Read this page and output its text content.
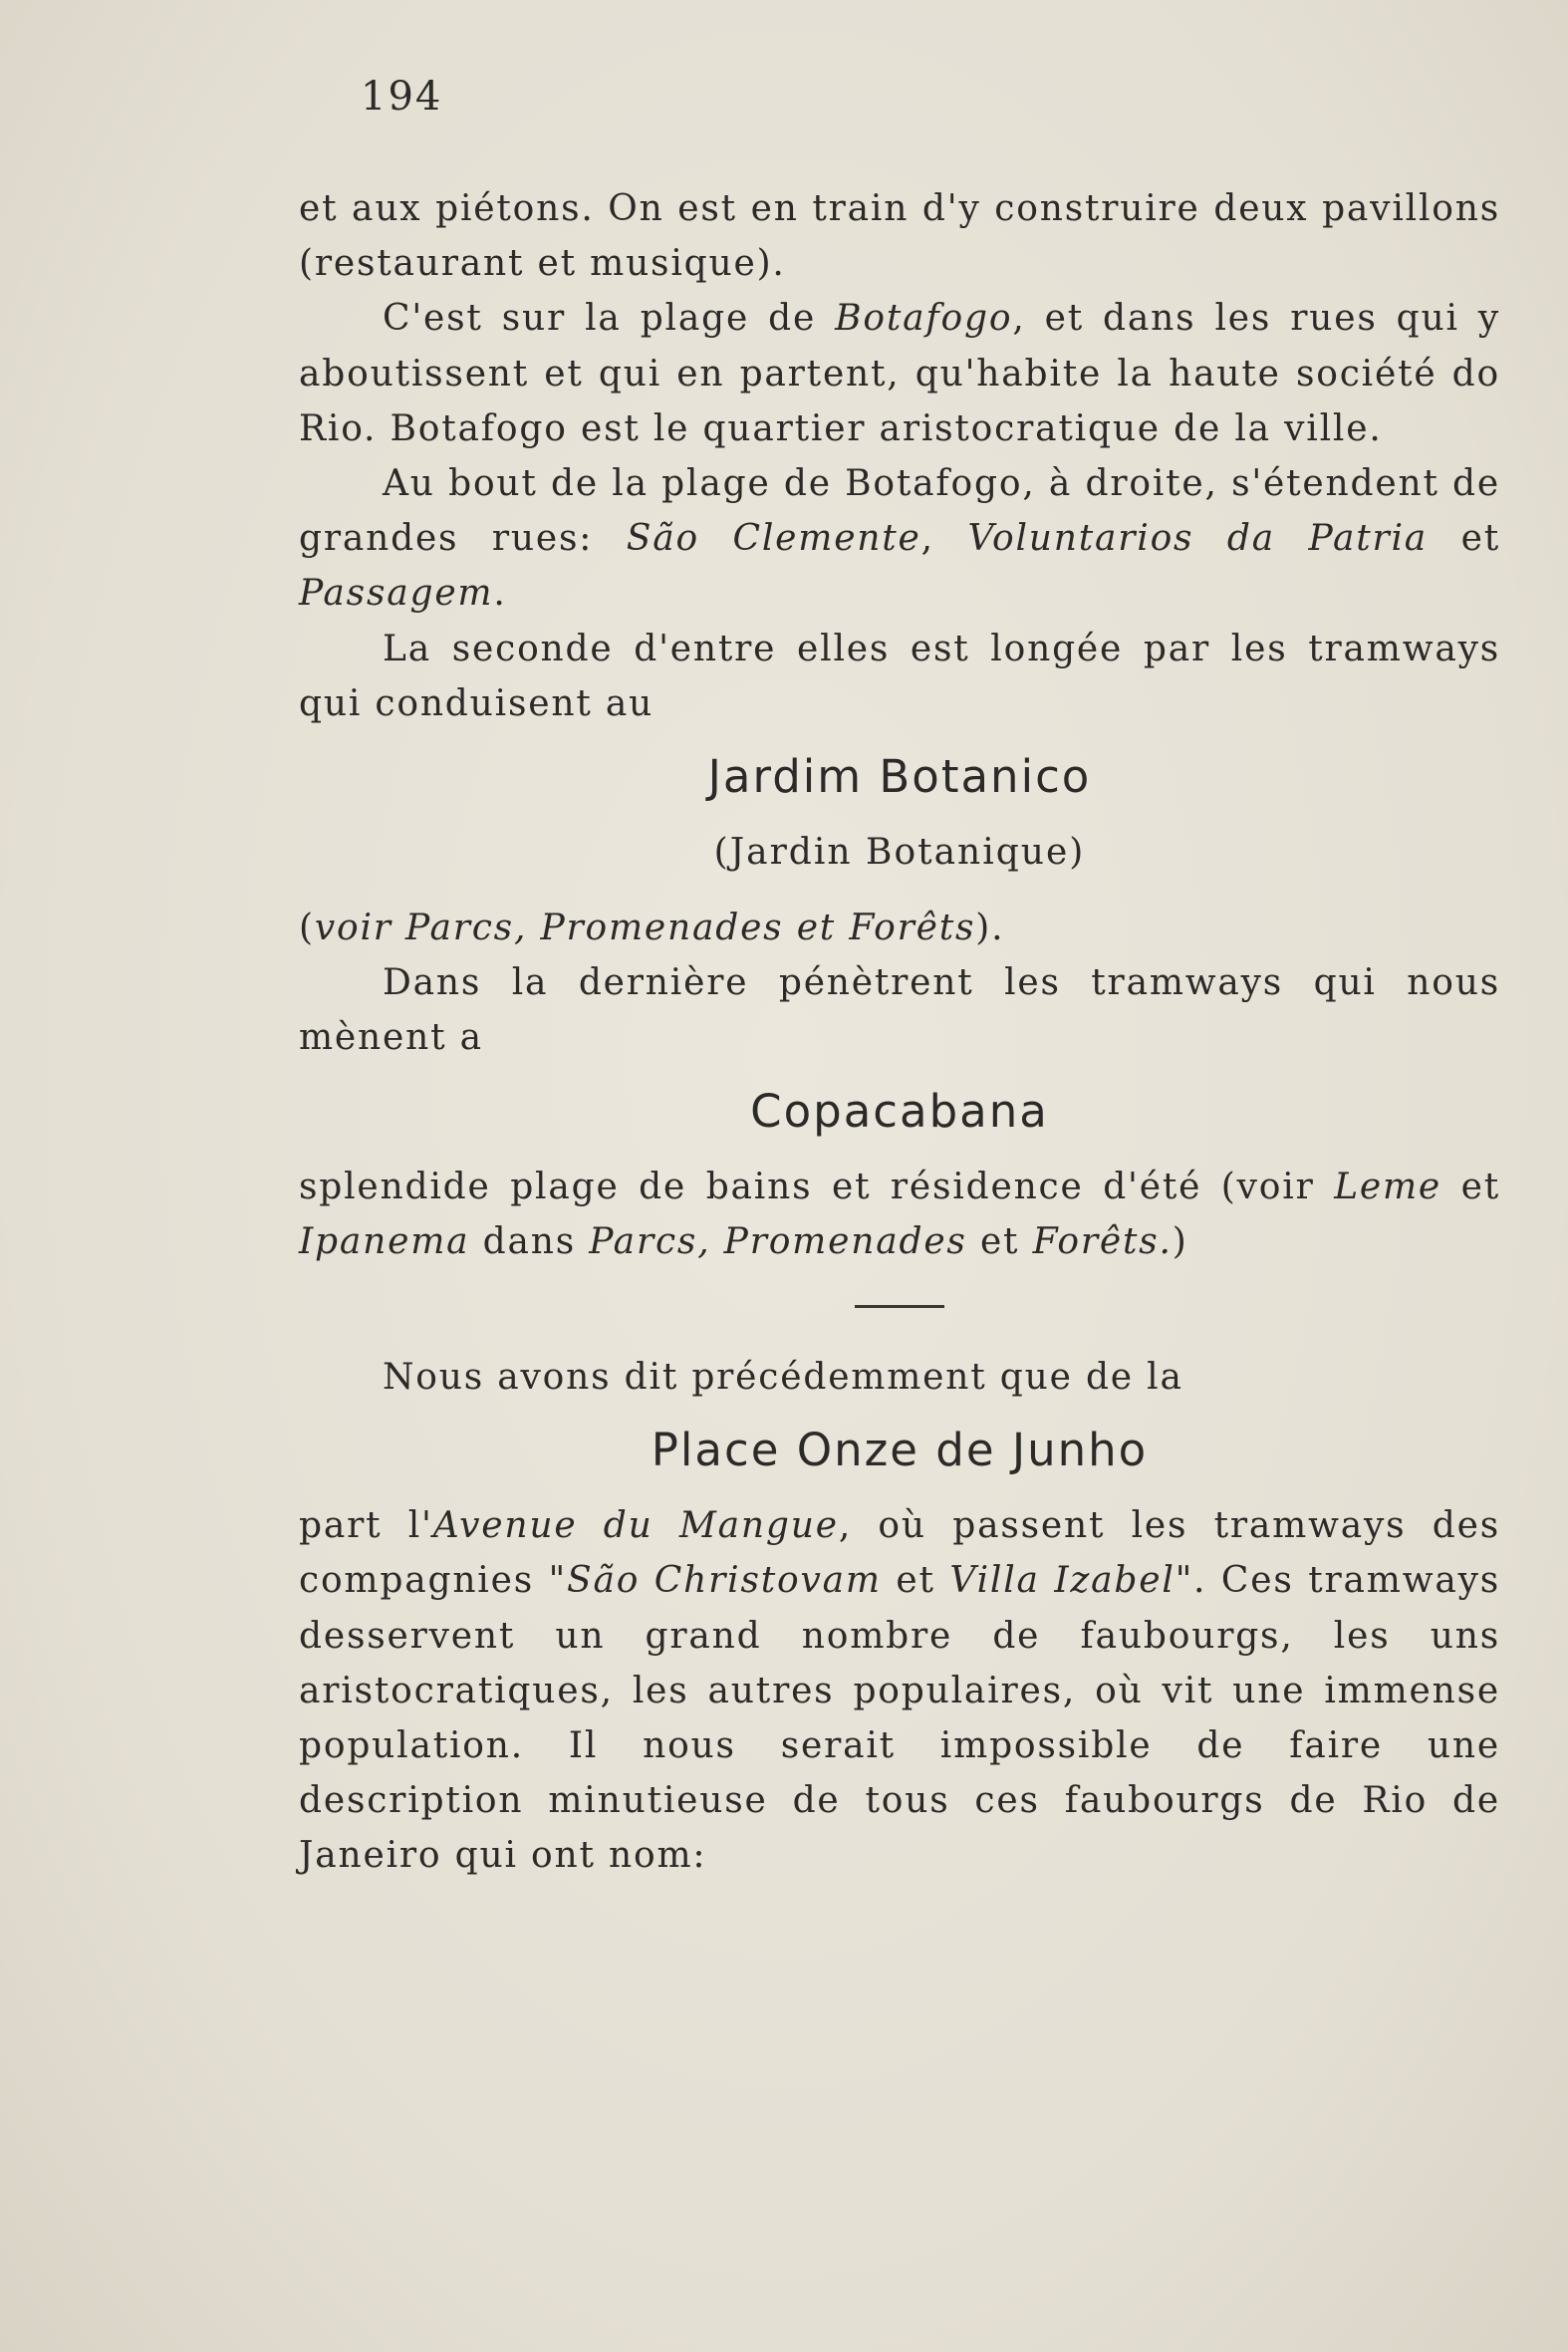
194

et aux piétons. On est en train d'y construire deux pavillons (restaurant et musique).

C'est sur la plage de Botafogo, et dans les rues qui y aboutissent et qui en partent, qu'habite la haute société do Rio. Botafogo est le quartier aristocratique de la ville.

Au bout de la plage de Botafogo, à droite, s'étendent de grandes rues: São Clemente, Voluntarios da Patria et Passagem.

La seconde d'entre elles est longée par les tramways qui conduisent au

Jardim Botanico
(Jardin Botanique)

(voir Parcs, Promenades et Forêts).

Dans la dernière pénètrent les tramways qui nous mènent a

Copacabana

splendide plage de bains et résidence d'été (voir Leme et Ipanema dans Parcs, Promenades et Forêts.)

Nous avons dit précédemment que de la

Place Onze de Junho

part l'Avenue du Mangue, où passent les tramways des compagnies "São Christovam et Villa Izabel". Ces tramways desservent un grand nombre de faubourgs, les uns aristocratiques, les autres populaires, où vit une immense population. Il nous serait impossible de faire une description minutieuse de tous ces faubourgs de Rio de Janeiro qui ont nom:
